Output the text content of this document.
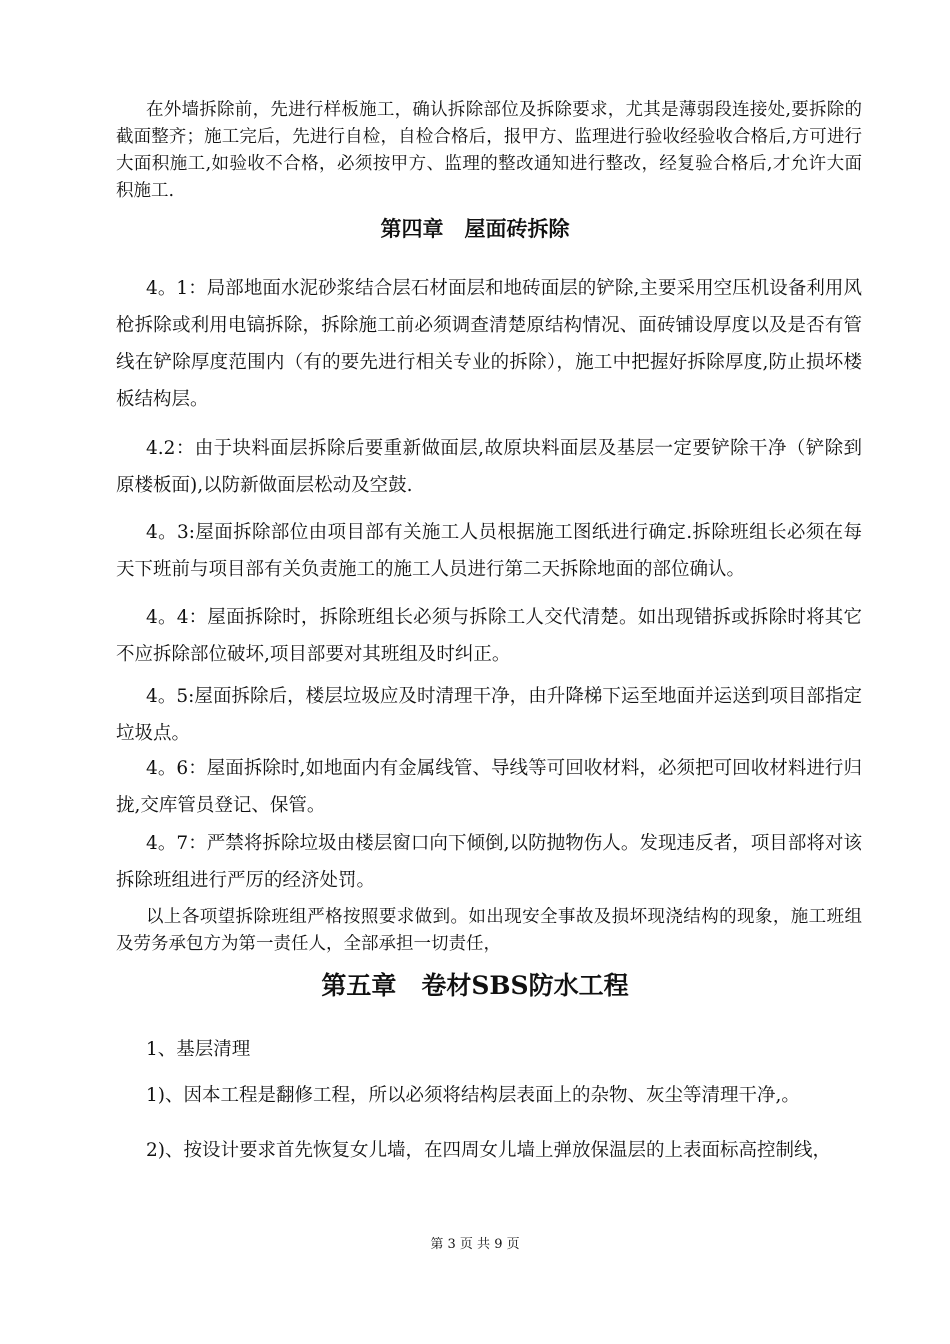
在外墙拆除前，先进行样板施工，确认拆除部位及拆除要求，尤其是薄弱段连接处,要拆除的截面整齐；施工完后，先进行自检，自检合格后，报甲方、监理进行验收经验收合格后,方可进行大面积施工,如验收不合格，必须按甲方、监理的整改通知进行整改，经复验合格后,才允许大面积施工.
第四章　屋面砖拆除
4。1：局部地面水泥砂浆结合层石材面层和地砖面层的铲除,主要采用空压机设备利用风枪拆除或利用电镐拆除，拆除施工前必须调查清楚原结构情况、面砖铺设厚度以及是否有管线在铲除厚度范围内（有的要先进行相关专业的拆除），施工中把握好拆除厚度,防止损坏楼板结构层。
4.2：由于块料面层拆除后要重新做面层,故原块料面层及基层一定要铲除干净（铲除到原楼板面),以防新做面层松动及空鼓.
4。3:屋面拆除部位由项目部有关施工人员根据施工图纸进行确定.拆除班组长必须在每天下班前与项目部有关负责施工的施工人员进行第二天拆除地面的部位确认。
4。4：屋面拆除时，拆除班组长必须与拆除工人交代清楚。如出现错拆或拆除时将其它不应拆除部位破坏,项目部要对其班组及时纠正。
4。5:屋面拆除后，楼层垃圾应及时清理干净，由升降梯下运至地面并运送到项目部指定垃圾点。
4。6：屋面拆除时,如地面内有金属线管、导线等可回收材料，必须把可回收材料进行归拢,交库管员登记、保管。
4。7：严禁将拆除垃圾由楼层窗口向下倾倒,以防抛物伤人。发现违反者，项目部将对该拆除班组进行严厉的经济处罚。
以上各项望拆除班组严格按照要求做到。如出现安全事故及损坏现浇结构的现象，施工班组及劳务承包方为第一责任人，全部承担一切责任，
第五章　卷材SBS防水工程
1、基层清理
1)、因本工程是翻修工程，所以必须将结构层表面上的杂物、灰尘等清理干净,。
2)、按设计要求首先恢复女儿墙，在四周女儿墙上弹放保温层的上表面标高控制线，
第 3 页 共 9 页
